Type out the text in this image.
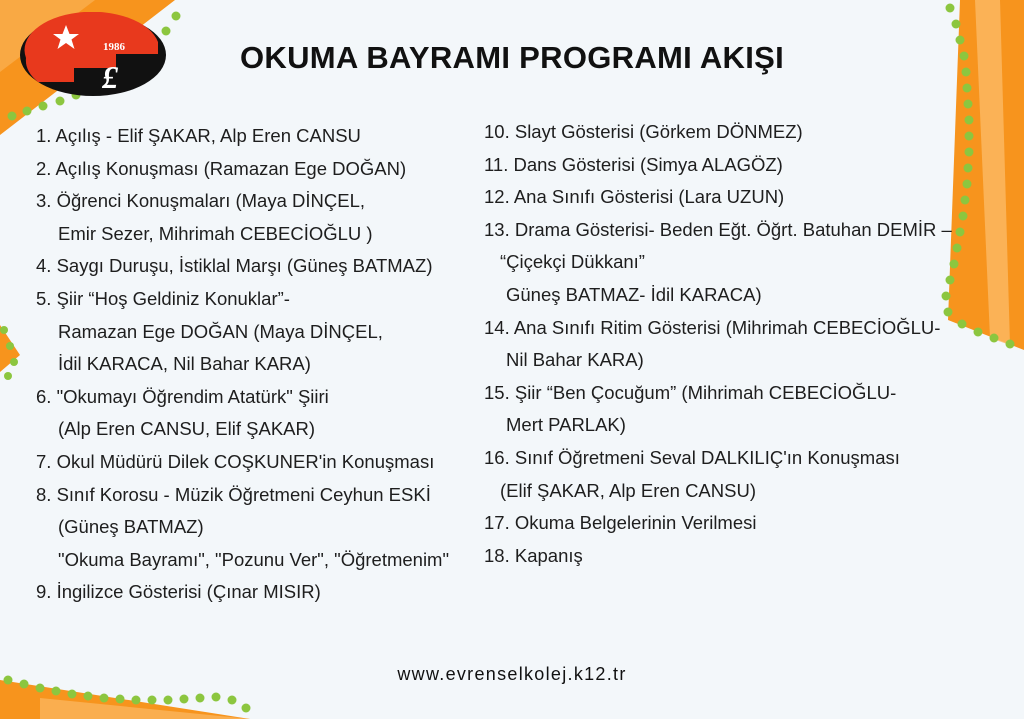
1986
£
OKUMA BAYRAMI PROGRAMI AKIŞI
1. Açılış - Elif ŞAKAR, Alp Eren CANSU
2. Açılış Konuşması (Ramazan Ege DOĞAN)
3. Öğrenci Konuşmaları (Maya DİNÇEL,
Emir Sezer, Mihrimah CEBECİOĞLU )
4. Saygı Duruşu, İstiklal Marşı (Güneş BATMAZ)
5. Şiir “Hoş Geldiniz Konuklar”-
Ramazan Ege DOĞAN (Maya DİNÇEL,
İdil KARACA, Nil Bahar KARA)
6. "Okumayı Öğrendim Atatürk" Şiiri
(Alp Eren CANSU, Elif ŞAKAR)
7. Okul Müdürü Dilek COŞKUNER'in Konuşması
8. Sınıf Korosu - Müzik Öğretmeni Ceyhun ESKİ
(Güneş BATMAZ)
"Okuma Bayramı", "Pozunu Ver", "Öğretmenim"
9. İngilizce Gösterisi (Çınar MISIR)
10. Slayt Gösterisi (Görkem DÖNMEZ)
11. Dans Gösterisi (Simya ALAGÖZ)
12. Ana Sınıfı Gösterisi (Lara UZUN)
13. Drama Gösterisi- Beden Eğt. Öğrt. Batuhan DEMİR –
“Çiçekçi Dükkanı”
Güneş BATMAZ- İdil KARACA)
14. Ana Sınıfı Ritim Gösterisi (Mihrimah CEBECİOĞLU-
Nil Bahar KARA)
15. Şiir “Ben Çocuğum” (Mihrimah CEBECİOĞLU-
Mert PARLAK)
16. Sınıf Öğretmeni Seval DALKILIÇ'ın Konuşması
(Elif ŞAKAR, Alp Eren CANSU)
17. Okuma Belgelerinin Verilmesi
18. Kapanış
www.evrenselkolej.k12.tr
